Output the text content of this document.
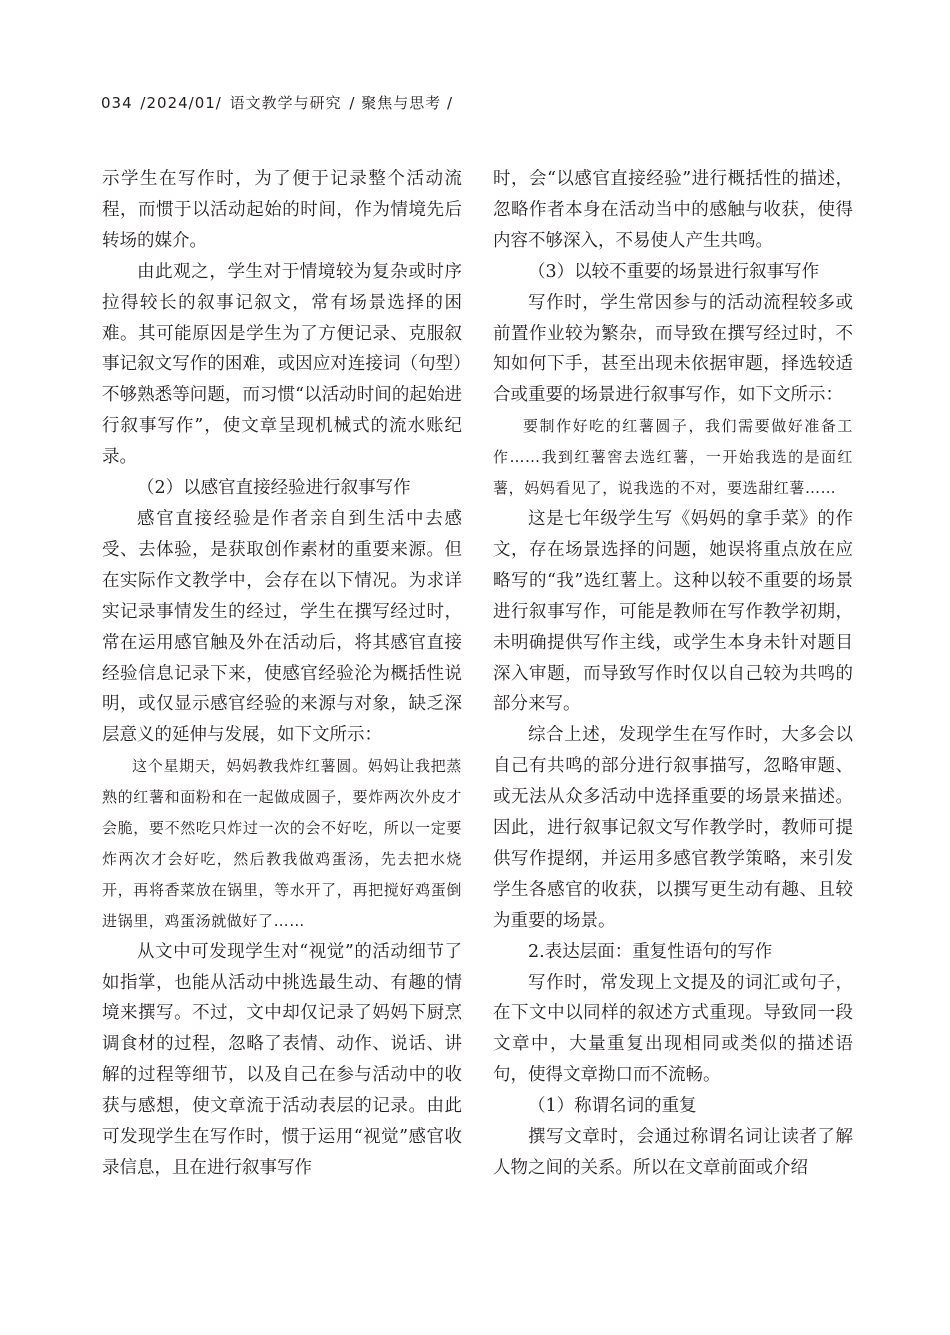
034 /2024/01/ 语文教学与研究 / 聚焦与思考 /

示学生在写作时，为了便于记录整个活动流程，而惯于以活动起始的时间，作为情境先后转场的媒介。

由此观之，学生对于情境较为复杂或时序拉得较长的叙事记叙文，常有场景选择的困难。其可能原因是学生为了方便记录、克服叙事记叙文写作的困难，或因应对连接词（句型）不够熟悉等问题，而习惯“以活动时间的起始进行叙事写作”，使文章呈现机械式的流水账纪录。

（2）以感官直接经验进行叙事写作

感官直接经验是作者亲自到生活中去感受、去体验，是获取创作素材的重要来源。但在实际作文教学中，会存在以下情况。为求详实记录事情发生的经过，学生在撰写经过时，常在运用感官触及外在活动后，将其感官直接经验信息记录下来，使感官经验沦为概括性说明，或仅显示感官经验的来源与对象，缺乏深层意义的延伸与发展，如下文所示：

这个星期天，妈妈教我炸红薯圆。妈妈让我把蒸熟的红薯和面粉和在一起做成圆子，要炸两次外皮才会脆，要不然吃只炸过一次的会不好吃，所以一定要炸两次才会好吃，然后教我做鸡蛋汤，先去把水烧开，再将香菜放在锅里，等水开了，再把搅好鸡蛋倒进锅里，鸡蛋汤就做好了……

从文中可发现学生对“视觉”的活动细节了如指掌，也能从活动中挑选最生动、有趣的情境来撰写。不过，文中却仅记录了妈妈下厨烹调食材的过程，忽略了表情、动作、说话、讲解的过程等细节，以及自己在参与活动中的收获与感想，使文章流于活动表层的记录。由此可发现学生在写作时，惯于运用“视觉”感官收录信息，且在进行叙事写作

时，会“以感官直接经验”进行概括性的描述，忽略作者本身在活动当中的感触与收获，使得内容不够深入，不易使人产生共鸣。

（3）以较不重要的场景进行叙事写作

写作时，学生常因参与的活动流程较多或前置作业较为繁杂，而导致在撰写经过时，不知如何下手，甚至出现未依据审题，择选较适合或重要的场景进行叙事写作，如下文所示：

要制作好吃的红薯圆子，我们需要做好准备工作……我到红薯窖去选红薯，一开始我选的是面红薯，妈妈看见了，说我选的不对，要选甜红薯……

这是七年级学生写《妈妈的拿手菜》的作文，存在场景选择的问题，她误将重点放在应略写的“我”选红薯上。这种以较不重要的场景进行叙事写作，可能是教师在写作教学初期，未明确提供写作主线，或学生本身未针对题目深入审题，而导致写作时仅以自己较为共鸣的部分来写。

综合上述，发现学生在写作时，大多会以自己有共鸣的部分进行叙事描写，忽略审题、或无法从众多活动中选择重要的场景来描述。因此，进行叙事记叙文写作教学时，教师可提供写作提纲，并运用多感官教学策略，来引发学生各感官的收获，以撰写更生动有趣、且较为重要的场景。

2.表达层面：重复性语句的写作

写作时，常发现上文提及的词汇或句子，在下文中以同样的叙述方式重现。导致同一段文章中，大量重复出现相同或类似的描述语句，使得文章拗口而不流畅。

（1）称谓名词的重复

撰写文章时，会通过称谓名词让读者了解人物之间的关系。所以在文章前面或介绍
